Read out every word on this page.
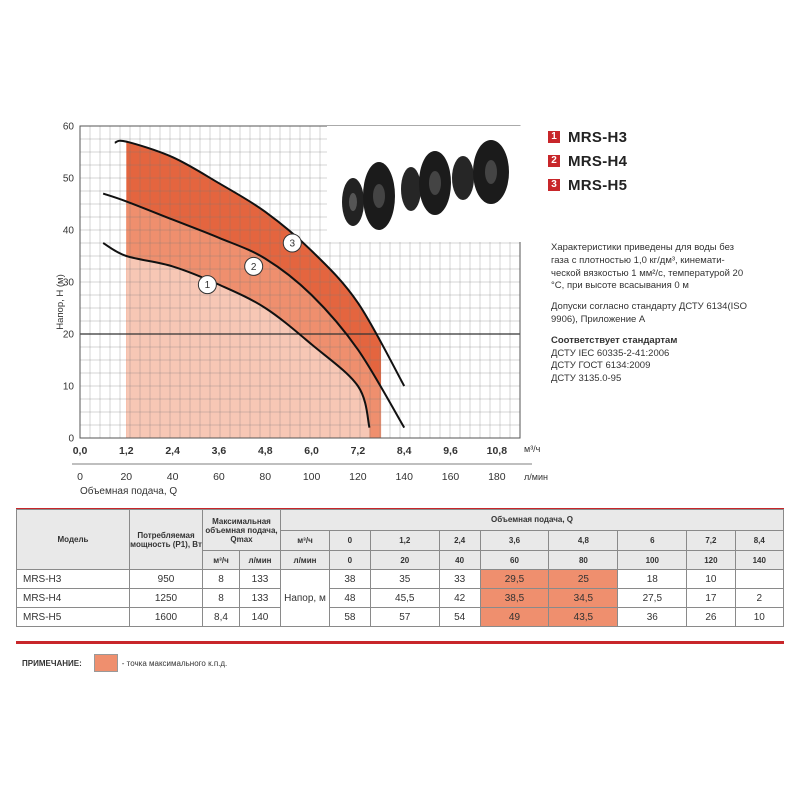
1
2
3
0
10
20
30
40
50
60
Напор, Н (м)
0,0	1,2	2,4	3,6	4,8	6,0	7,2	8,4	9,6	10,8
0	20	40	60	80	100	120	140	160	180
м³/ч
л/мин
Объемная подача, Q
1 MRS-H3
2 MRS-H4
3 MRS-H5

Характеристики приведены для воды без газа с плотностью 1,0 кг/дм³, кинемати-ческой вязкостью 1 мм²/с, температурой 20 °С, при высоте всасывания 0 м

Допуски согласно стандарту ДСТУ 6134(ISO 9906), Приложение А

Соответствует стандартам

ДСТУ IEC 60335-2-41:2006
ДСТУ ГОСТ 6134:2009
ДСТУ 3135.0-95
Модель	Потребляемая мощность (Р1), Вт	Максимальная объемная подача, Qmax		Объемная подача, Q								
				м³/ч	0	1,2	2,4	3,6	4,8	6	7,2	8,4
		м³/ч	л/мин	л/мин	0	20	40	60	80	100	120	140
MRS-H3	950	8	133	Напор, м	38	35	33	29,5	25	18	10	
MRS-H4	1250	8	133		48	45,5	42	38,5	34,5	27,5	17	2
MRS-H5	1600	8,4	140		58	57	54	49	43,5	36	26	10
ПРИМЕЧАНИЕ:	- точка максимального к.п.д.
